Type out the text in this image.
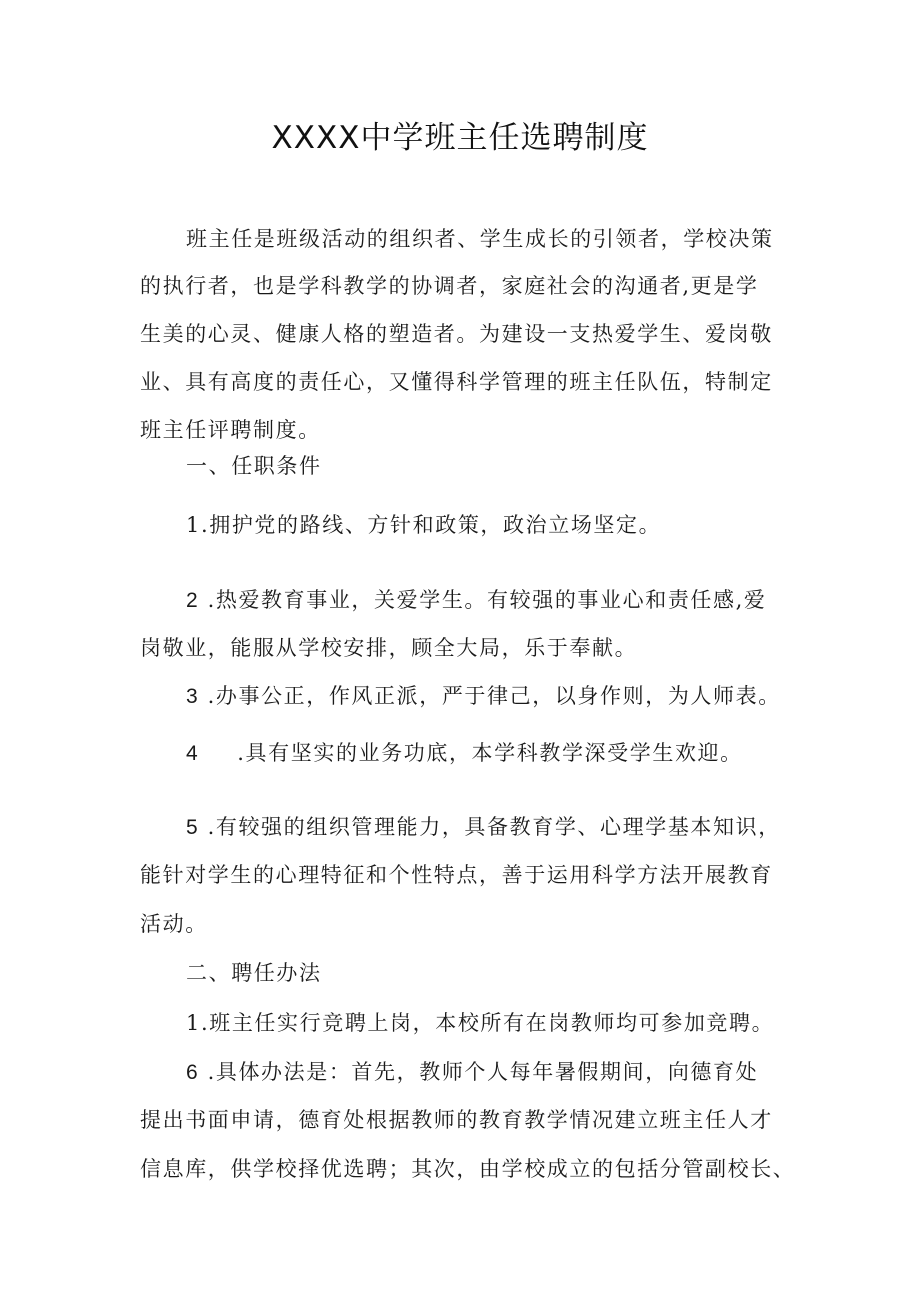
XXXX中学班主任选聘制度
班主任是班级活动的组织者、学生成长的引领者，学校决策
的执行者，也是学科教学的协调者，家庭社会的沟通者,更是学
生美的心灵、健康人格的塑造者。为建设一支热爱学生、爱岗敬
业、具有高度的责任心，又懂得科学管理的班主任队伍，特制定
班主任评聘制度。
一、任职条件
1.拥护党的路线、方针和政策，政治立场坚定。
2 .热爱教育事业，关爱学生。有较强的事业心和责任感,爱
岗敬业，能服从学校安排，顾全大局，乐于奉献。
3 .办事公正，作风正派，严于律己，以身作则，为人师表。
4 .具有坚实的业务功底，本学科教学深受学生欢迎。
5 .有较强的组织管理能力，具备教育学、心理学基本知识，
能针对学生的心理特征和个性特点，善于运用科学方法开展教育
活动。
二、聘任办法
1.班主任实行竞聘上岗，本校所有在岗教师均可参加竞聘。
6 .具体办法是：首先，教师个人每年暑假期间，向德育处
提出书面申请，德育处根据教师的教育教学情况建立班主任人才
信息库，供学校择优选聘；其次，由学校成立的包括分管副校长、
